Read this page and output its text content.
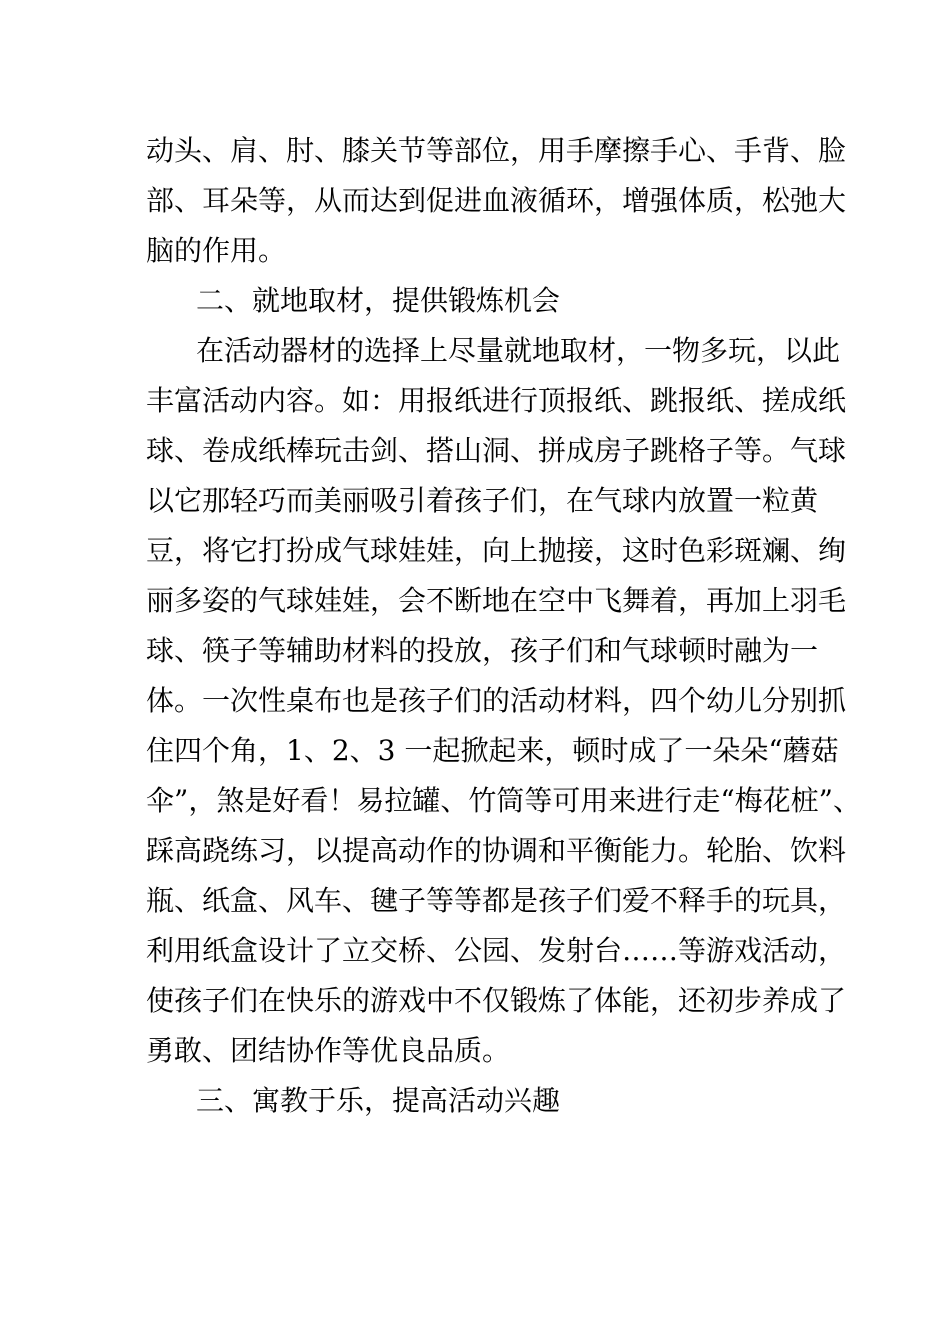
动头、肩、肘、膝关节等部位，用手摩擦手心、手背、脸
部、耳朵等，从而达到促进血液循环，增强体质，松弛大
脑的作用。
二、就地取材，提供锻炼机会
在活动器材的选择上尽量就地取材，一物多玩，以此
丰富活动内容。如：用报纸进行顶报纸、跳报纸、搓成纸
球、卷成纸棒玩击剑、搭山洞、拼成房子跳格子等。气球
以它那轻巧而美丽吸引着孩子们，在气球内放置一粒黄
豆，将它打扮成气球娃娃，向上抛接，这时色彩斑斓、绚
丽多姿的气球娃娃，会不断地在空中飞舞着，再加上羽毛
球、筷子等辅助材料的投放，孩子们和气球顿时融为一
体。一次性桌布也是孩子们的活动材料，四个幼儿分别抓
住四个角，1、2、3 一起掀起来，顿时成了一朵朵“蘑菇
伞”，煞是好看！易拉罐、竹筒等可用来进行走“梅花桩”、
踩高跷练习，以提高动作的协调和平衡能力。轮胎、饮料
瓶、纸盒、风车、毽子等等都是孩子们爱不释手的玩具，
利用纸盒设计了立交桥、公园、发射台……等游戏活动，
使孩子们在快乐的游戏中不仅锻炼了体能，还初步养成了
勇敢、团结协作等优良品质。
三、寓教于乐，提高活动兴趣
